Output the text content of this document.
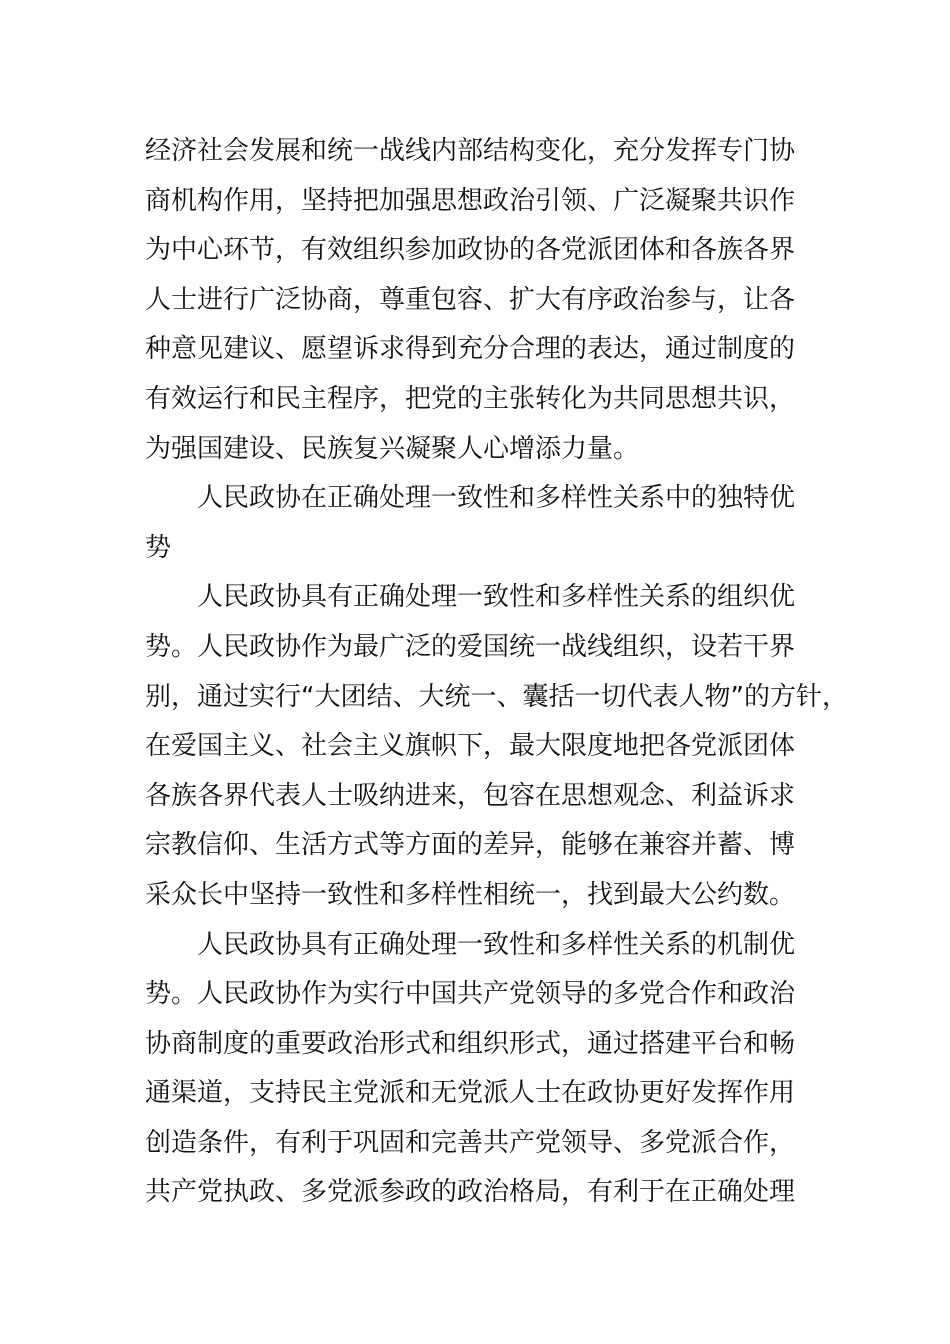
经济社会发展和统一战线内部结构变化，充分发挥专门协
商机构作用，坚持把加强思想政治引领、广泛凝聚共识作
为中心环节，有效组织参加政协的各党派团体和各族各界
人士进行广泛协商，尊重包容、扩大有序政治参与，让各
种意见建议、愿望诉求得到充分合理的表达，通过制度的
有效运行和民主程序，把党的主张转化为共同思想共识，
为强国建设、民族复兴凝聚人心增添力量。
人民政协在正确处理一致性和多样性关系中的独特优
势
人民政协具有正确处理一致性和多样性关系的组织优
势。人民政协作为最广泛的爱国统一战线组织，设若干界
别，通过实行“大团结、大统一、囊括一切代表人物”的方针，
在爱国主义、社会主义旗帜下，最大限度地把各党派团体
各族各界代表人士吸纳进来，包容在思想观念、利益诉求
宗教信仰、生活方式等方面的差异，能够在兼容并蓄、博
采众长中坚持一致性和多样性相统一，找到最大公约数。
人民政协具有正确处理一致性和多样性关系的机制优
势。人民政协作为实行中国共产党领导的多党合作和政治
协商制度的重要政治形式和组织形式，通过搭建平台和畅
通渠道，支持民主党派和无党派人士在政协更好发挥作用
创造条件，有利于巩固和完善共产党领导、多党派合作，
共产党执政、多党派参政的政治格局，有利于在正确处理
